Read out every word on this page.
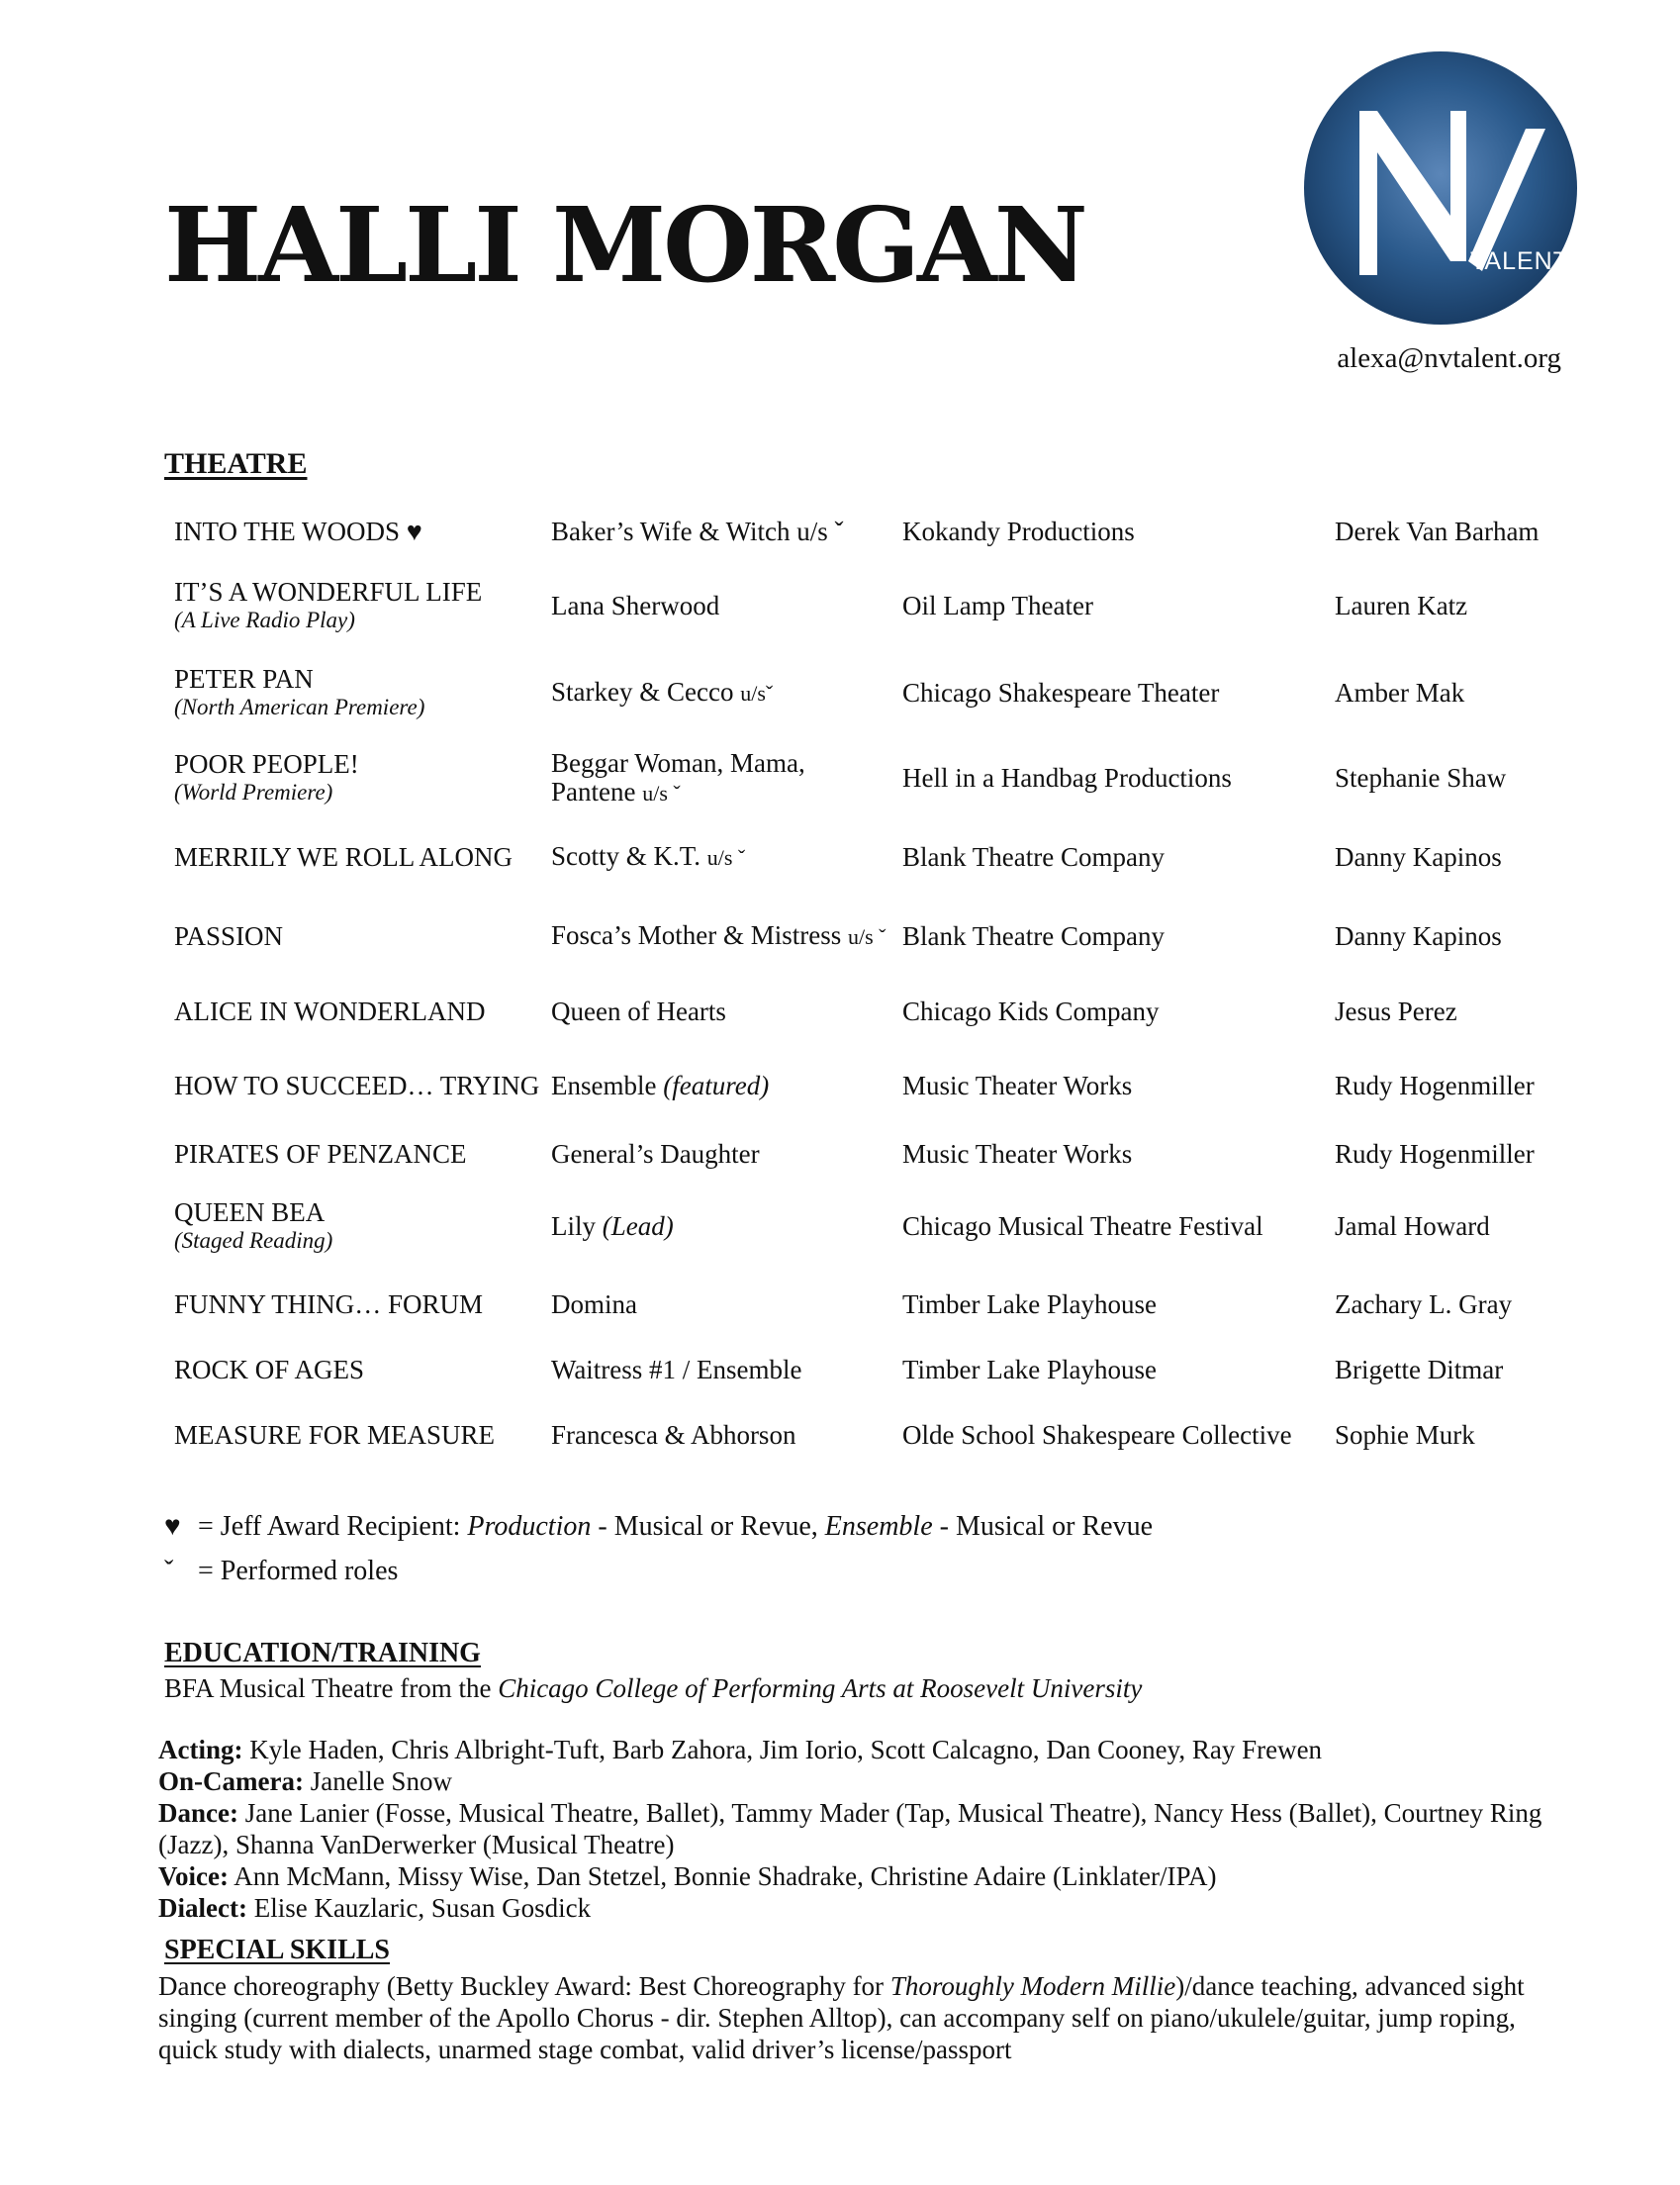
HALLI MORGAN	TALENT
alexa@nvtalent.org
THEATRE
INTO THE WOODS ♥	Baker’s Wife & Witch u/s ˇ	Kokandy Productions	Derek Van Barham
IT’S A WONDERFUL LIFE
(A Live Radio Play)	Lana Sherwood	Oil Lamp Theater	Lauren Katz
PETER PAN
(North American Premiere)	Starkey & Cecco u/sˇ	Chicago Shakespeare Theater	Amber Mak
POOR PEOPLE!
(World Premiere)	Beggar Woman, Mama, Pantene u/s ˇ	Hell in a Handbag Productions	Stephanie Shaw
MERRILY WE ROLL ALONG	Scotty & K.T. u/s ˇ	Blank Theatre Company	Danny Kapinos
PASSION	Fosca’s Mother & Mistress u/s ˇ	Blank Theatre Company	Danny Kapinos
ALICE IN WONDERLAND	Queen of Hearts	Chicago Kids Company	Jesus Perez
HOW TO SUCCEED… TRYING	Ensemble (featured)	Music Theater Works	Rudy Hogenmiller
PIRATES OF PENZANCE	General’s Daughter	Music Theater Works	Rudy Hogenmiller
QUEEN BEA
(Staged Reading)	Lily (Lead)	Chicago Musical Theatre Festival	Jamal Howard
FUNNY THING… FORUM	Domina	Timber Lake Playhouse	Zachary L. Gray
ROCK OF AGES	Waitress #1 / Ensemble	Timber Lake Playhouse	Brigette Ditmar
MEASURE FOR MEASURE	Francesca & Abhorson	Olde School Shakespeare Collective	Sophie Murk
♥ = Jeff Award Recipient: Production - Musical or Revue, Ensemble - Musical or Revue
ˇ = Performed roles
EDUCATION/TRAINING

BFA Musical Theatre from the Chicago College of Performing Arts at Roosevelt University

Acting: Kyle Haden, Chris Albright-Tuft, Barb Zahora, Jim Iorio, Scott Calcagno, Dan Cooney, Ray Frewen

On-Camera: Janelle Snow

Dance: Jane Lanier (Fosse, Musical Theatre, Ballet), Tammy Mader (Tap, Musical Theatre), Nancy Hess (Ballet), Courtney Ring (Jazz), Shanna VanDerwerker (Musical Theatre)

Voice: Ann McMann, Missy Wise, Dan Stetzel, Bonnie Shadrake, Christine Adaire (Linklater/IPA)

Dialect: Elise Kauzlaric, Susan Gosdick

SPECIAL SKILLS

Dance choreography (Betty Buckley Award: Best Choreography for Thoroughly Modern Millie)/dance teaching, advanced sight singing (current member of the Apollo Chorus - dir. Stephen Alltop), can accompany self on piano/ukulele/guitar, jump roping, quick study with dialects, unarmed stage combat, valid driver’s license/passport
